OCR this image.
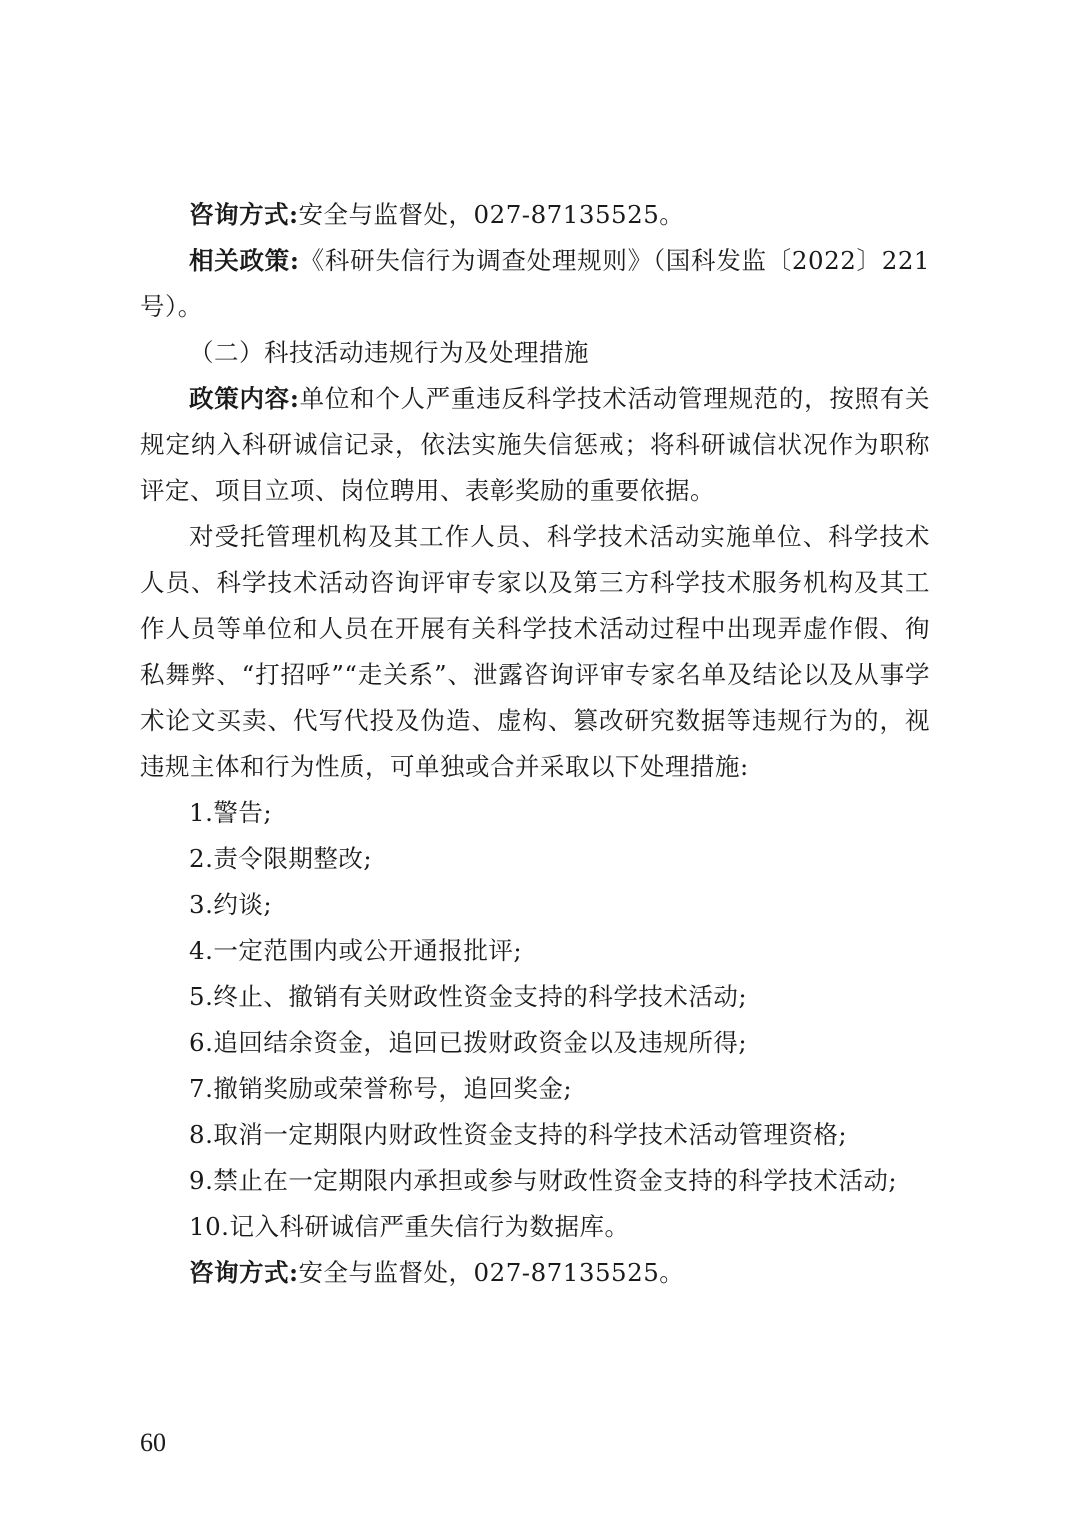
咨询方式:安全与监督处，027-87135525。

相关政策:《科研失信行为调查处理规则》（国科发监〔2022〕221号）。

（二）科技活动违规行为及处理措施

政策内容:单位和个人严重违反科学技术活动管理规范的，按照有关规定纳入科研诚信记录，依法实施失信惩戒；将科研诚信状况作为职称评定、项目立项、岗位聘用、表彰奖励的重要依据。

对受托管理机构及其工作人员、科学技术活动实施单位、科学技术人员、科学技术活动咨询评审专家以及第三方科学技术服务机构及其工作人员等单位和人员在开展有关科学技术活动过程中出现弄虚作假、徇私舞弊、“打招呼”“走关系”、泄露咨询评审专家名单及结论以及从事学术论文买卖、代写代投及伪造、虚构、篡改研究数据等违规行为的，视违规主体和行为性质，可单独或合并采取以下处理措施:

1.警告;

2.责令限期整改;

3.约谈;

4.一定范围内或公开通报批评;

5.终止、撤销有关财政性资金支持的科学技术活动;

6.追回结余资金，追回已拨财政资金以及违规所得;

7.撤销奖励或荣誉称号，追回奖金;

8.取消一定期限内财政性资金支持的科学技术活动管理资格;

9.禁止在一定期限内承担或参与财政性资金支持的科学技术活动;

10.记入科研诚信严重失信行为数据库。

咨询方式:安全与监督处，027-87135525。

60
